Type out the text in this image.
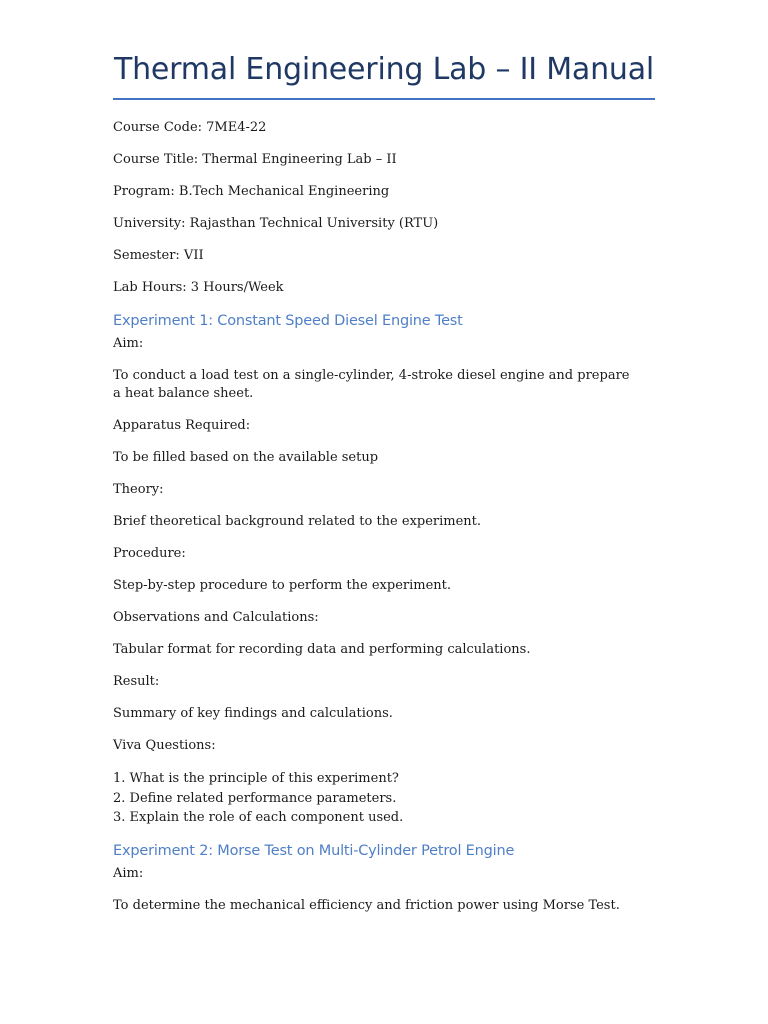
Thermal Engineering Lab – II Manual
Course Code: 7ME4-22
Course Title: Thermal Engineering Lab – II
Program: B.Tech Mechanical Engineering
University: Rajasthan Technical University (RTU)
Semester: VII
Lab Hours: 3 Hours/Week
Experiment 1: Constant Speed Diesel Engine Test
Aim:
To conduct a load test on a single-cylinder, 4-stroke diesel engine and prepare a heat balance sheet.
Apparatus Required:
To be filled based on the available setup
Theory:
Brief theoretical background related to the experiment.
Procedure:
Step-by-step procedure to perform the experiment.
Observations and Calculations:
Tabular format for recording data and performing calculations.
Result:
Summary of key findings and calculations.
Viva Questions:
1. What is the principle of this experiment?
2. Define related performance parameters.
3. Explain the role of each component used.
Experiment 2: Morse Test on Multi-Cylinder Petrol Engine
Aim:
To determine the mechanical efficiency and friction power using Morse Test.
